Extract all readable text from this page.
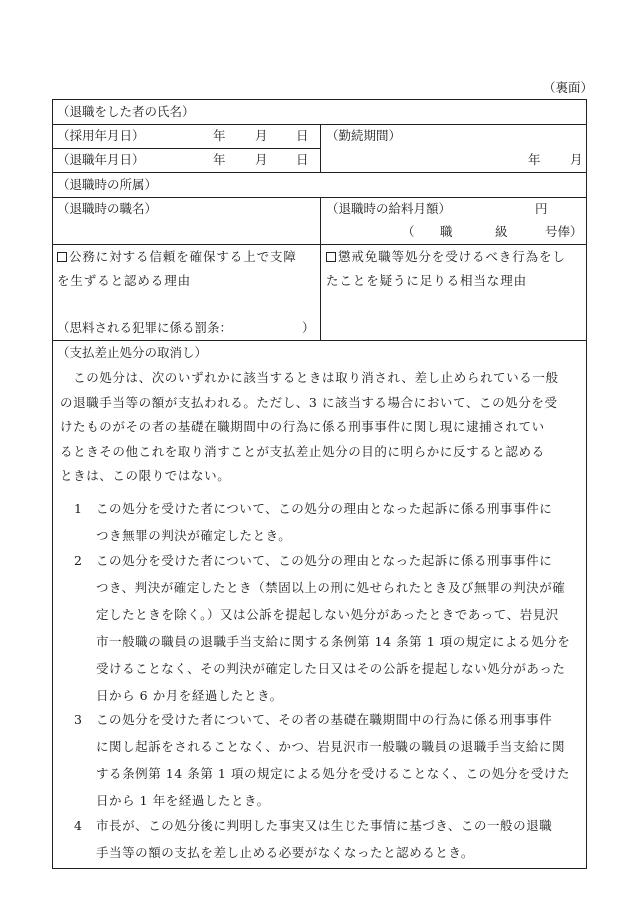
（裏面）
（退職をした者の氏名）
（採用年月日）	年 月 日 （勤続期間）
年 月
（退職年月日）	年 月 日
（退職時の所属）
（退職時の職名）	（退職時の給料月額）	円
（ 職	級	号俸）
公務に対する信頼を確保する上で支障
を生ずると認める理由
（思料される犯罪に係る罰条：	）
懲戒免職等処分を受けるべき行為をし
たことを疑うに足りる相当な理由
（支払差止処分の取消し）

　この処分は、次のいずれかに該当するときは取り消され、差し止められている一般

の退職手当等の額が支払われる。ただし、3 に該当する場合において、この処分を受

けたものがその者の基礎在職期間中の行為に係る刑事事件に関し現に逮捕されてい

るときその他これを取り消すことが支払差止処分の目的に明らかに反すると認める

ときは、この限りではない。

1 この処分を受けた者について、この処分の理由となった起訴に係る刑事事件に
つき無罪の判決が確定したとき。
2 この処分を受けた者について、この処分の理由となった起訴に係る刑事事件に
つき、判決が確定したとき（禁固以上の刑に処せられたとき及び無罪の判決が確
定したときを除く。）又は公訴を提起しない処分があったときであって、岩見沢
市一般職の職員の退職手当支給に関する条例第 14 条第 1 項の規定による処分を
受けることなく、その判決が確定した日又はその公訴を提起しない処分があった
日から 6 か月を経過したとき。
3 この処分を受けた者について、その者の基礎在職期間中の行為に係る刑事事件
に関し起訴をされることなく、かつ、岩見沢市一般職の職員の退職手当支給に関
する条例第 14 条第 1 項の規定による処分を受けることなく、この処分を受けた
日から 1 年を経過したとき。
4 市長が、この処分後に判明した事実又は生じた事情に基づき、この一般の退職
手当等の額の支払を差し止める必要がなくなったと認めるとき。
